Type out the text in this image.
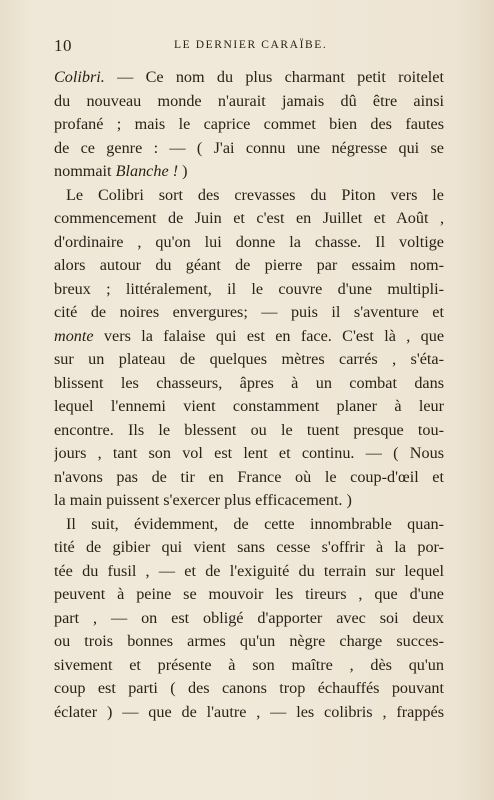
10	LE DERNIER CARAÏBE.
Colibri. — Ce nom du plus charmant petit roitelet
du nouveau monde n'aurait jamais dû être ainsi
profané ; mais le caprice commet bien des fautes
de ce genre : — ( J'ai connu une négresse qui se
nommait Blanche ! )
Le Colibri sort des crevasses du Piton vers le
commencement de Juin et c'est en Juillet et Août ,
d'ordinaire , qu'on lui donne la chasse. Il voltige
alors autour du géant de pierre par essaim nom-
breux ; littéralement, il le couvre d'une multipli-
cité de noires envergures; — puis il s'aventure et
monte vers la falaise qui est en face. C'est là , que
sur un plateau de quelques mètres carrés , s'éta-
blissent les chasseurs, âpres à un combat dans
lequel l'ennemi vient constamment planer à leur
encontre. Ils le blessent ou le tuent presque tou-
jours , tant son vol est lent et continu. — ( Nous
n'avons pas de tir en France où le coup-d'œil et
la main puissent s'exercer plus efficacement. )
Il suit, évidemment, de cette innombrable quan-
tité de gibier qui vient sans cesse s'offrir à la por-
tée du fusil , — et de l'exiguité du terrain sur lequel
peuvent à peine se mouvoir les tireurs , que d'une
part , — on est obligé d'apporter avec soi deux
ou trois bonnes armes qu'un nègre charge succes-
sivement et présente à son maître , dès qu'un
coup est parti ( des canons trop échauffés pouvant
éclater ) — que de l'autre , — les colibris , frappés
